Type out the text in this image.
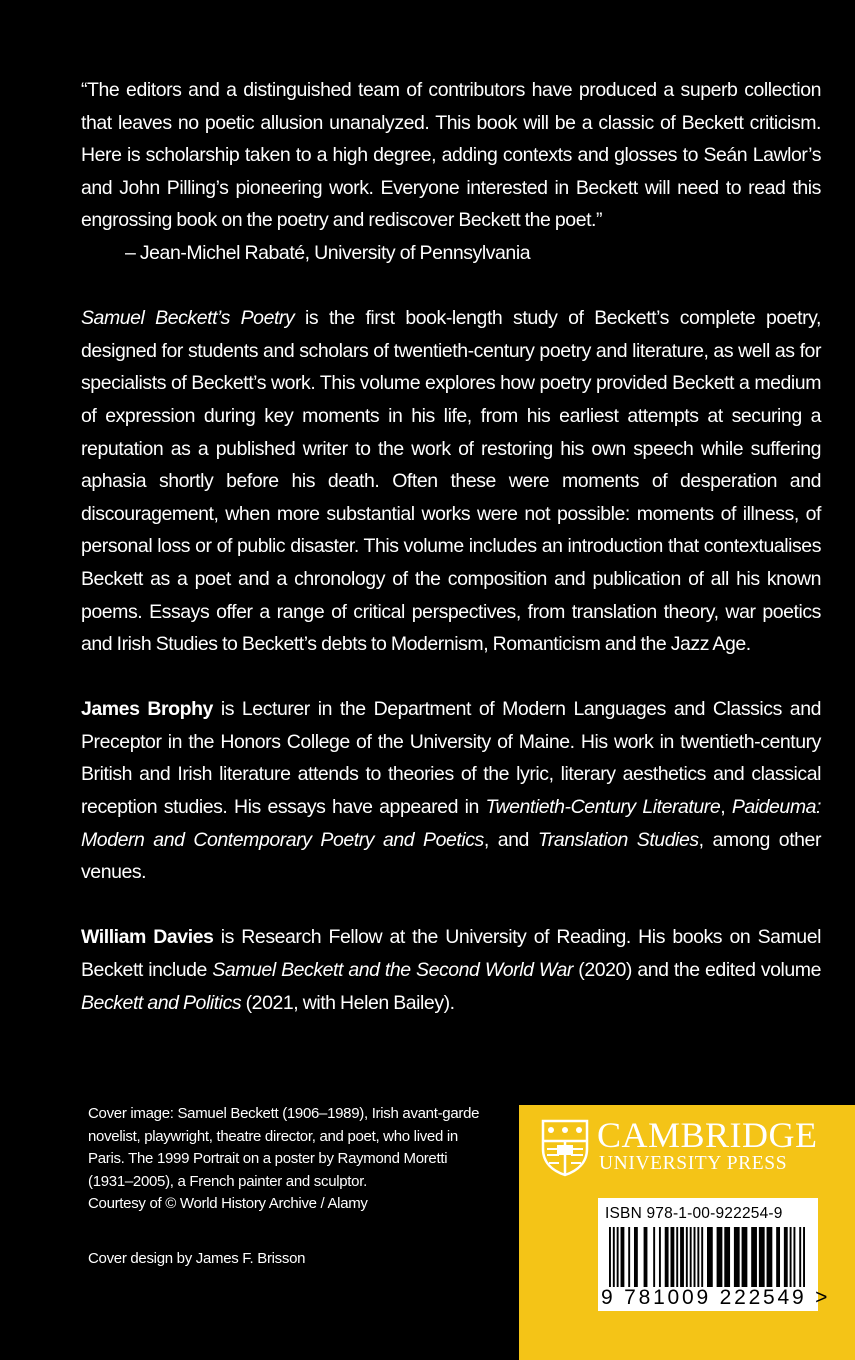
“The editors and a distinguished team of contributors have produced a superb collection that leaves no poetic allusion unanalyzed. This book will be a classic of Beckett criticism. Here is scholarship taken to a high degree, adding contexts and glosses to Seán Lawlor’s and John Pilling’s pioneering work. Everyone interested in Beckett will need to read this engrossing book on the poetry and rediscover Beckett the poet.”

– Jean-Michel Rabaté, University of Pennsylvania

Samuel Beckett’s Poetry is the first book-length study of Beckett’s complete poetry, designed for students and scholars of twentieth-century poetry and literature, as well as for specialists of Beckett’s work. This volume explores how poetry provided Beckett a medium of expression during key moments in his life, from his earliest attempts at securing a reputation as a published writer to the work of restoring his own speech while suffering aphasia shortly before his death. Often these were moments of desperation and discouragement, when more substantial works were not possible: moments of illness, of personal loss or of public disaster. This volume includes an introduction that contextualises Beckett as a poet and a chronology of the composition and publication of all his known poems. Essays offer a range of critical perspectives, from translation theory, war poetics and Irish Studies to Beckett’s debts to Modernism, Romanticism and the Jazz Age.

James Brophy is Lecturer in the Department of Modern Languages and Classics and Preceptor in the Honors College of the University of Maine. His work in twentieth-century British and Irish literature attends to theories of the lyric, literary aesthetics and classical reception studies. His essays have appeared in Twentieth-Century Literature, Paideuma: Modern and Contemporary Poetry and Poetics, and Translation Studies, among other venues.

William Davies is Research Fellow at the University of Reading. His books on Samuel Beckett include Samuel Beckett and the Second World War (2020) and the edited volume Beckett and Politics (2021, with Helen Bailey).

Cover image: Samuel Beckett (1906–1989), Irish avant-garde novelist, playwright, theatre director, and poet, who lived in Paris. The 1999 Portrait on a poster by Raymond Moretti (1931–2005), a French painter and sculptor.

Courtesy of © World History Archive / Alamy

Cover design by James F. Brisson
CAMBRIDGE
UNIVERSITY PRESS
ISBN 978-1-00-922254-9
9 781009 222549 >
